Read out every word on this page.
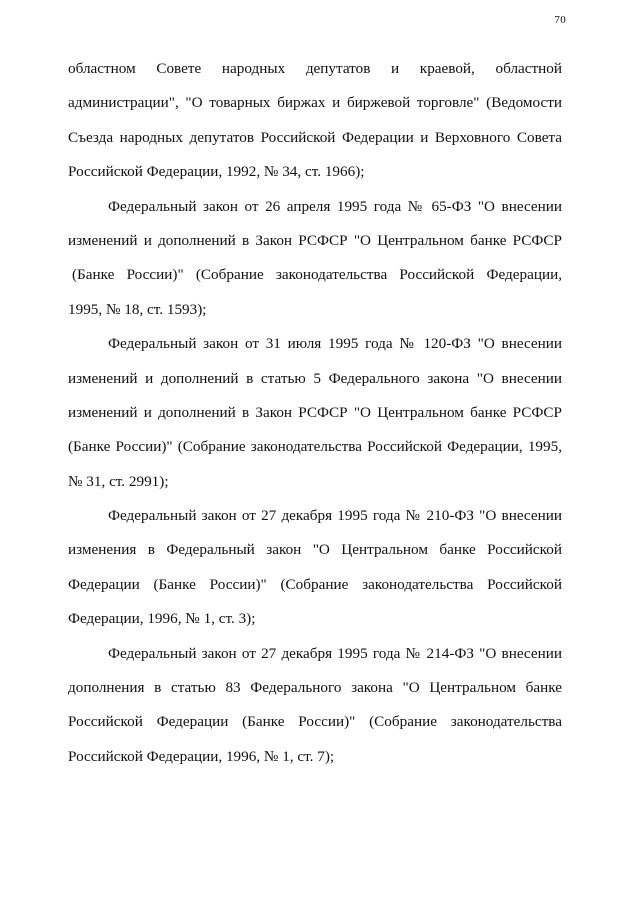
70
областном Совете народных депутатов и краевой, областной
администрации", "О товарных биржах и биржевой торговле" (Ведомости
Съезда народных депутатов Российской Федерации и Верховного Совета
Российской Федерации, 1992, № 34, ст. 1966);
Федеральный закон от 26 апреля 1995 года № 65-ФЗ "О внесении
изменений и дополнений в Закон РСФСР "О Центральном банке РСФСР
(Банке России)" (Собрание законодательства Российской Федерации,
1995, № 18, ст. 1593);
Федеральный закон от 31 июля 1995 года № 120-ФЗ "О внесении
изменений и дополнений в статью 5 Федерального закона "О внесении
изменений и дополнений в Закон РСФСР "О Центральном банке РСФСР
(Банке России)" (Собрание законодательства Российской Федерации, 1995,
№ 31, ст. 2991);
Федеральный закон от 27 декабря 1995 года № 210-ФЗ "О внесении
изменения в Федеральный закон "О Центральном банке Российской
Федерации (Банке России)" (Собрание законодательства Российской
Федерации, 1996, № 1, ст. 3);
Федеральный закон от 27 декабря 1995 года № 214-ФЗ "О внесении
дополнения в статью 83 Федерального закона "О Центральном банке
Российской Федерации (Банке России)" (Собрание законодательства
Российской Федерации, 1996, № 1, ст. 7);
